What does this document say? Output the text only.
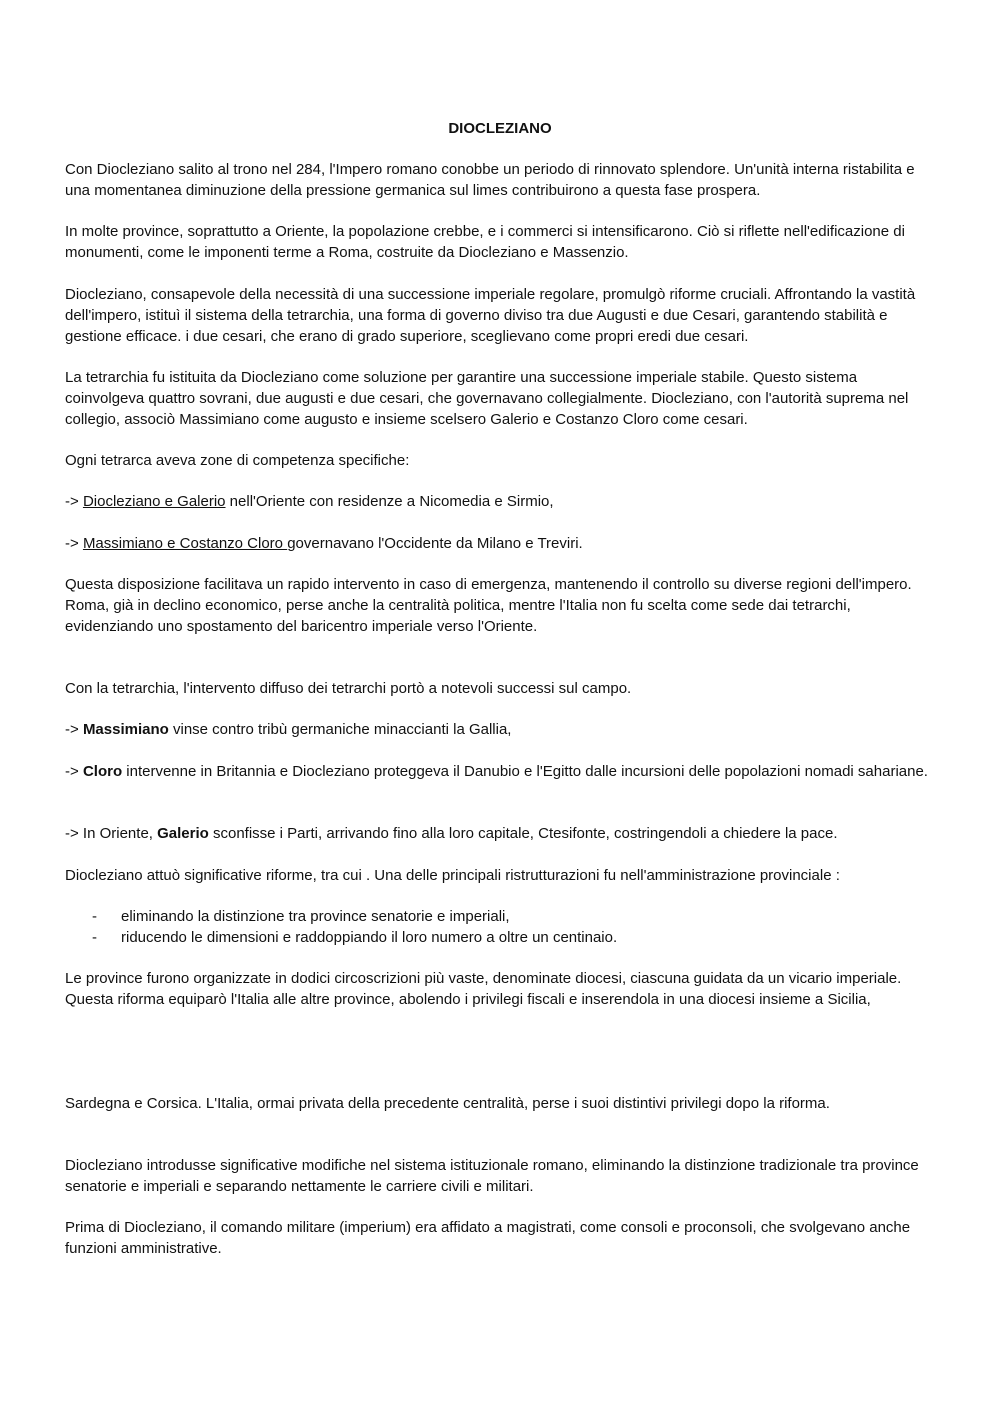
DIOCLEZIANO

Con Diocleziano salito al trono nel 284, l'Impero romano conobbe un periodo di rinnovato splendore. Un'unità interna ristabilita e una momentanea diminuzione della pressione germanica sul limes contribuirono a questa fase prospera.

In molte province, soprattutto a Oriente, la popolazione crebbe, e i commerci si intensificarono. Ciò si riflette nell'edificazione di monumenti, come le imponenti terme a Roma, costruite da Diocleziano e Massenzio.

Diocleziano, consapevole della necessità di una successione imperiale regolare, promulgò riforme cruciali. Affrontando la vastità dell'impero, istituì il sistema della tetrarchia, una forma di governo diviso tra due Augusti e due Cesari, garantendo stabilità e gestione efficace. i due cesari, che erano di grado superiore, sceglievano come propri eredi due cesari.

La tetrarchia fu istituita da Diocleziano come soluzione per garantire una successione imperiale stabile. Questo sistema coinvolgeva quattro sovrani, due augusti e due cesari, che governavano collegialmente. Diocleziano, con l'autorità suprema nel collegio, associò Massimiano come augusto e insieme scelsero Galerio e Costanzo Cloro come cesari.

Ogni tetrarca aveva zone di competenza specifiche:

-> Diocleziano e Galerio nell'Oriente con residenze a Nicomedia e Sirmio,

-> Massimiano e Costanzo Cloro governavano l'Occidente da Milano e Treviri.

Questa disposizione facilitava un rapido intervento in caso di emergenza, mantenendo il controllo su diverse regioni dell'impero. Roma, già in declino economico, perse anche la centralità politica, mentre l'Italia non fu scelta come sede dai tetrarchi, evidenziando uno spostamento del baricentro imperiale verso l'Oriente.

Con la tetrarchia, l'intervento diffuso dei tetrarchi portò a notevoli successi sul campo.

-> Massimiano vinse contro tribù germaniche minaccianti la Gallia,

-> Cloro intervenne in Britannia e Diocleziano proteggeva il Danubio e l'Egitto dalle incursioni delle popolazioni nomadi sahariane.

-> In Oriente, Galerio sconfisse i Parti, arrivando fino alla loro capitale, Ctesifonte, costringendoli a chiedere la pace.

Diocleziano attuò significative riforme, tra cui . Una delle principali ristrutturazioni fu nell'amministrazione provinciale :

- eliminando la distinzione tra province senatorie e imperiali,
- riducendo le dimensioni e raddoppiando il loro numero a oltre un centinaio.

Le province furono organizzate in dodici circoscrizioni più vaste, denominate diocesi, ciascuna guidata da un vicario imperiale. Questa riforma equiparò l'Italia alle altre province, abolendo i privilegi fiscali e inserendola in una diocesi insieme a Sicilia,

Sardegna e Corsica. L'Italia, ormai privata della precedente centralità, perse i suoi distintivi privilegi dopo la riforma.

Diocleziano introdusse significative modifiche nel sistema istituzionale romano, eliminando la distinzione tradizionale tra province senatorie e imperiali e separando nettamente le carriere civili e militari.

Prima di Diocleziano, il comando militare (imperium) era affidato a magistrati, come consoli e proconsoli, che svolgevano anche funzioni amministrative.
